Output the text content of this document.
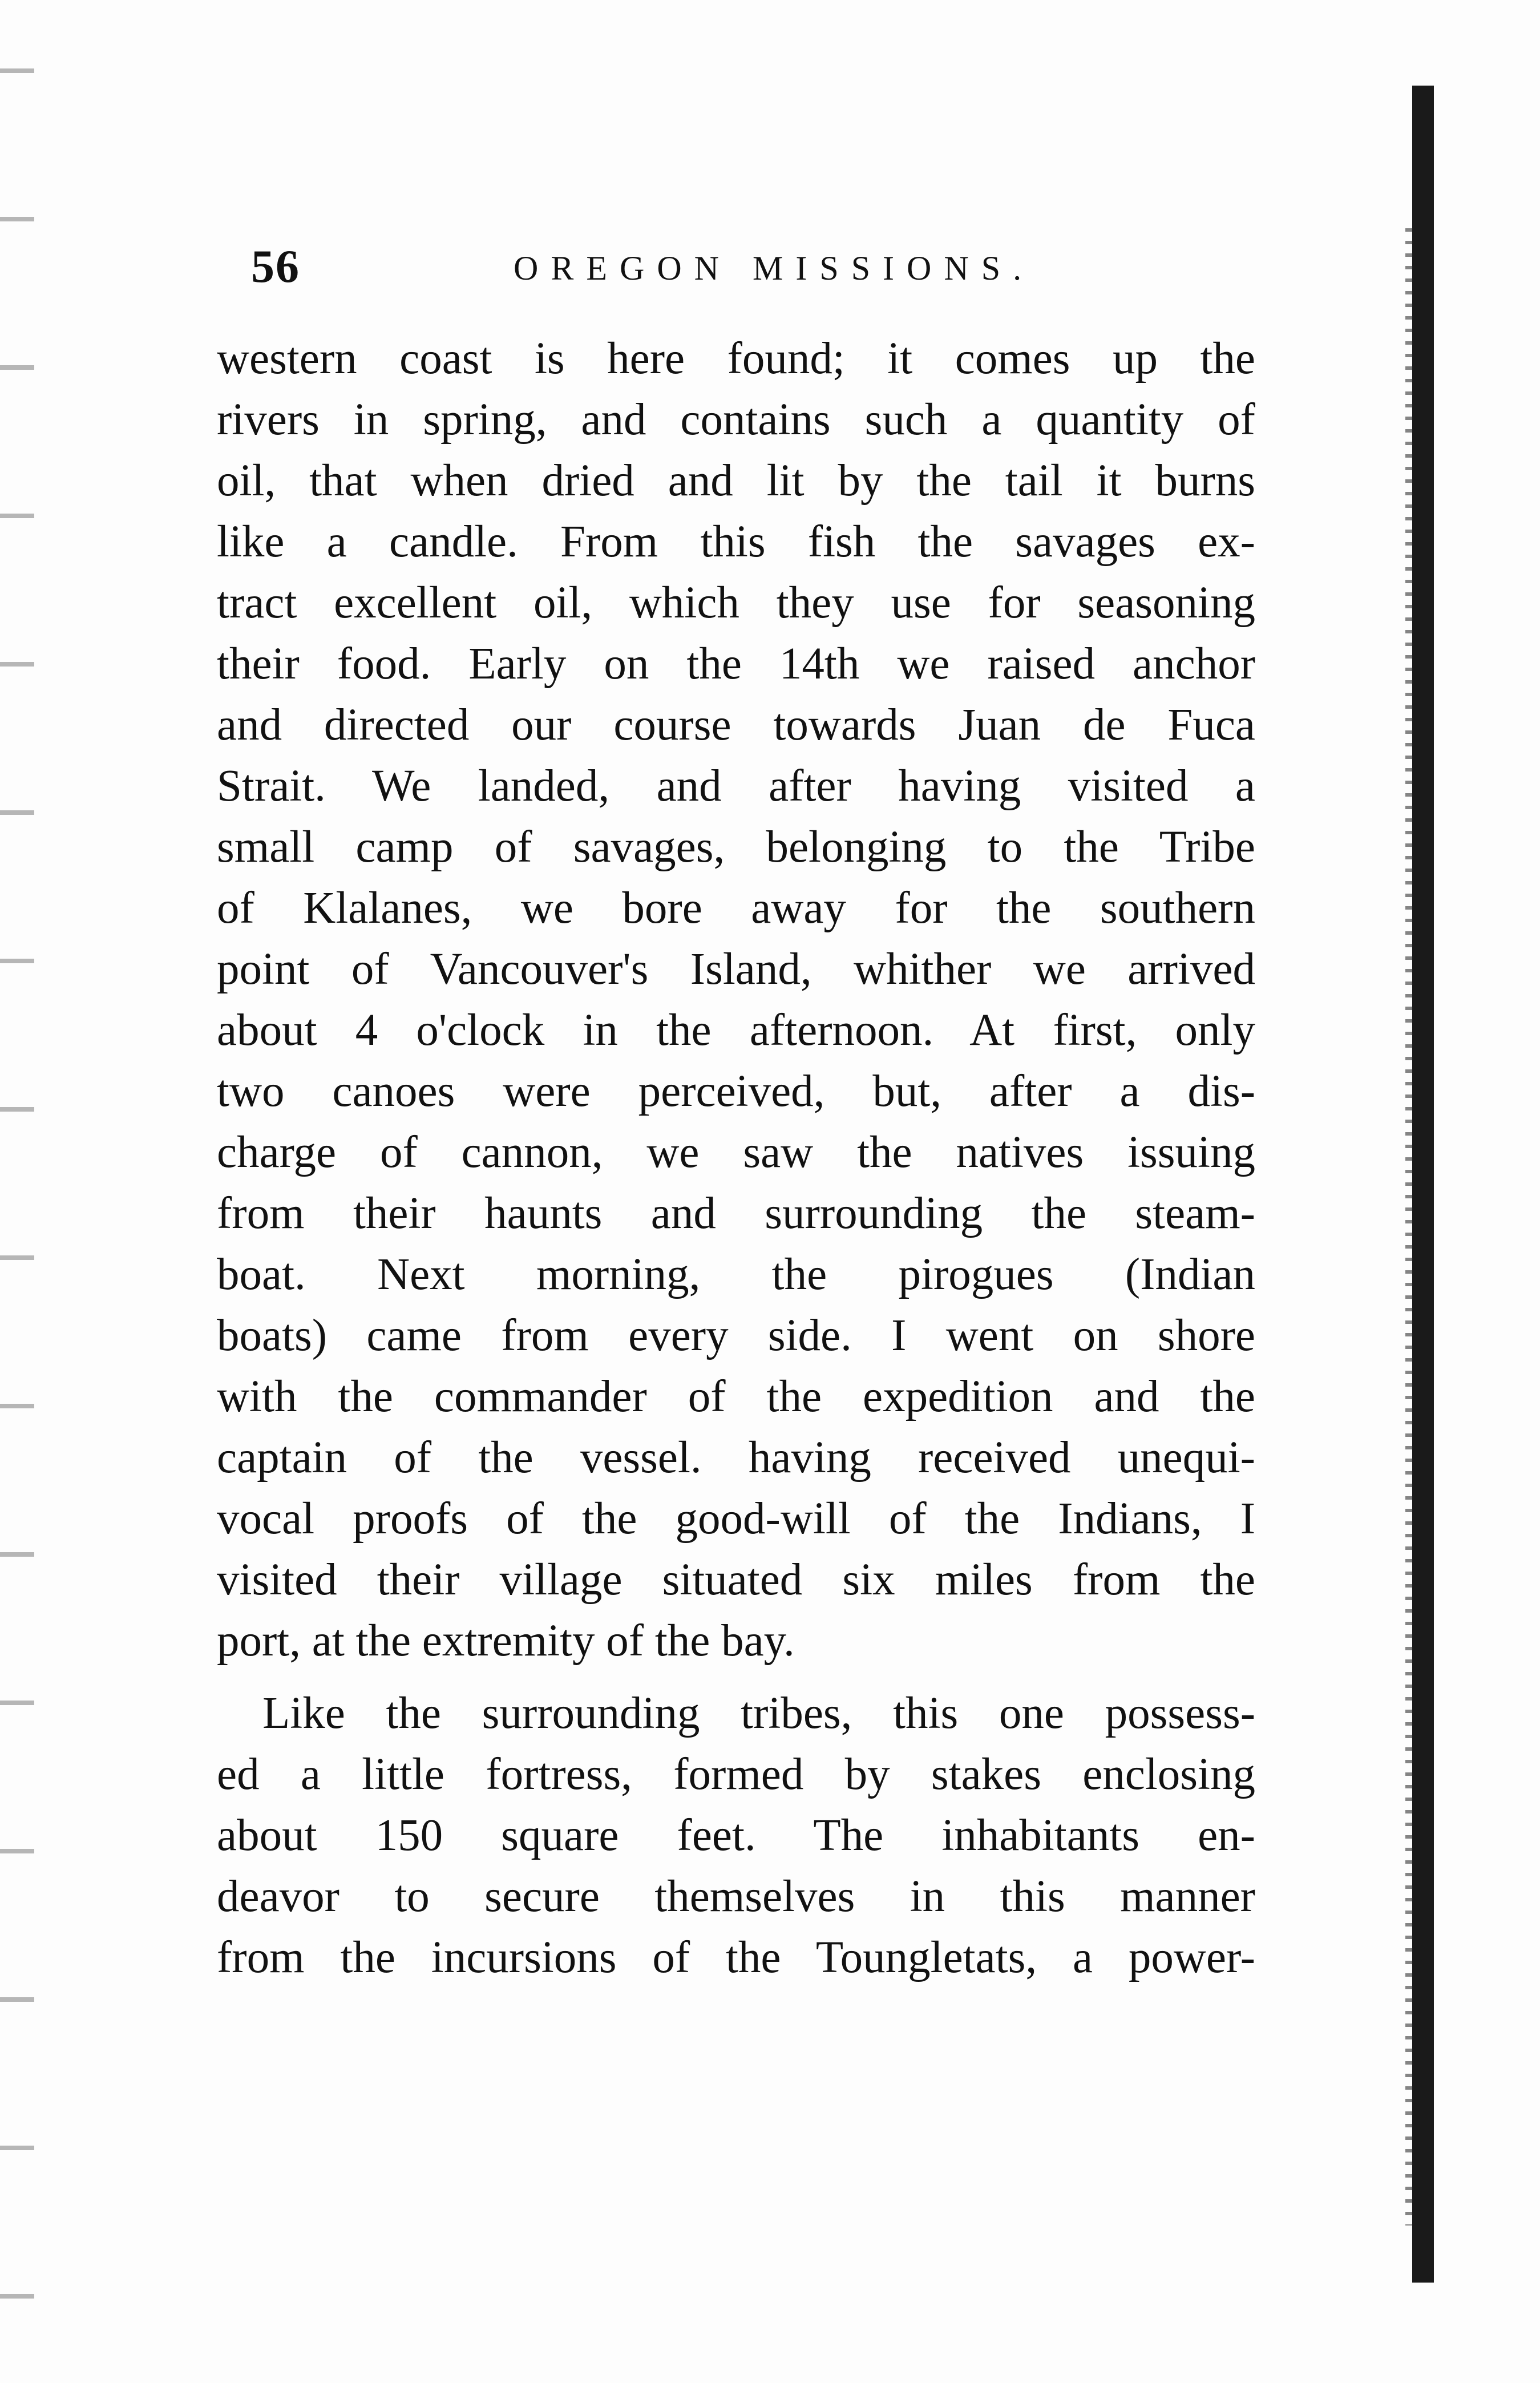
56	OREGON MISSIONS.
western coast is here found; it comes up the
rivers in spring, and contains such a quantity of
oil, that when dried and lit by the tail it burns
like a candle. From this fish the savages ex-
tract excellent oil, which they use for seasoning
their food. Early on the 14th we raised anchor
and directed our course towards Juan de Fuca
Strait. We landed, and after having visited a
small camp of savages, belonging to the Tribe
of Klalanes, we bore away for the southern
point of Vancouver's Island, whither we arrived
about 4 o'clock in the afternoon. At first, only
two canoes were perceived, but, after a dis-
charge of cannon, we saw the natives issuing
from their haunts and surrounding the steam-
boat. Next morning, the pirogues (Indian
boats) came from every side. I went on shore
with the commander of the expedition and the
captain of the vessel. having received unequi-
vocal proofs of the good-will of the Indians, I
visited their village situated six miles from the
port, at the extremity of the bay.
Like the surrounding tribes, this one possess-
ed a little fortress, formed by stakes enclosing
about 150 square feet. The inhabitants en-
deavor to secure themselves in this manner
from the incursions of the Toungletats, a power-
